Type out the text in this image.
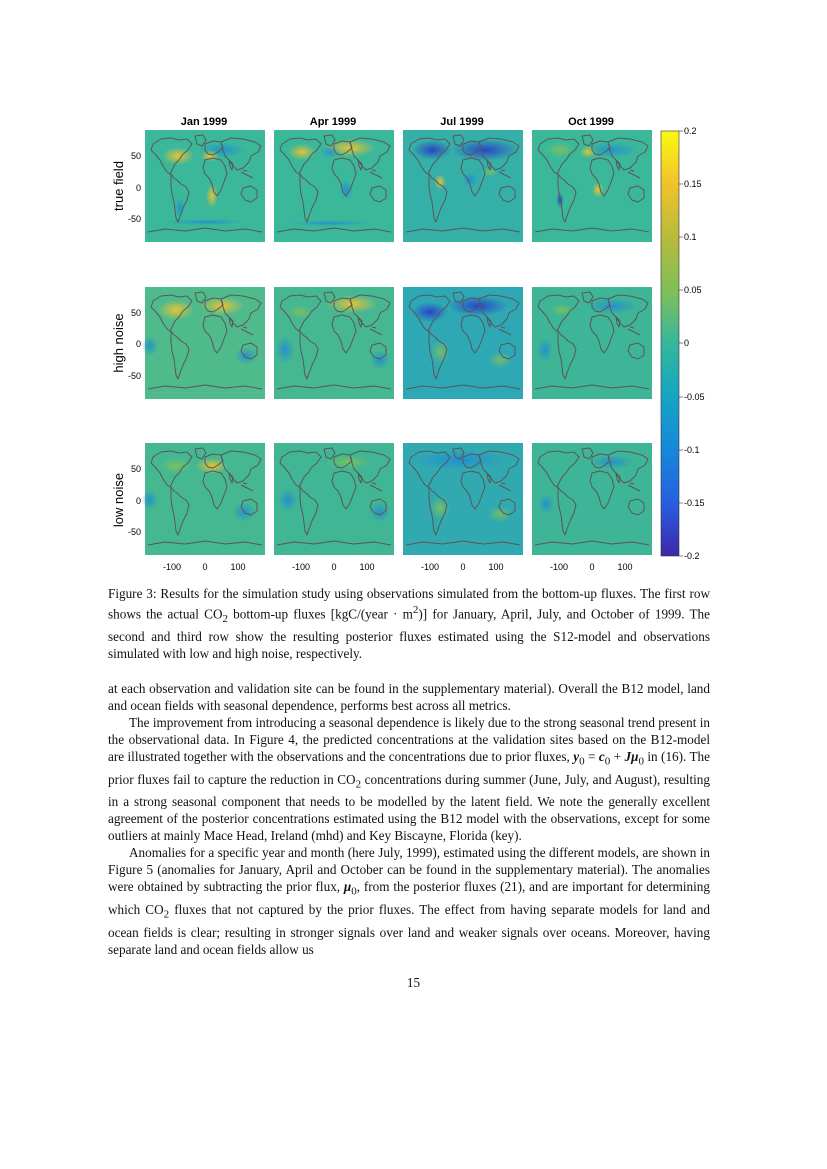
Jan 1999	Apr 1999	Jul 1999	Oct 1999
true field
high noise
low noise
50
0
-50
50
0
-50
50
0
-50
-100 0	100	-100 0	100	-100 0	100	-100 0	100
0.2
0.15
0.1
0.05
0
-0.05
-0.1
-0.15
-0.2
Figure 3: Results for the simulation study using observations simulated from the bottom-up fluxes. The first row shows the actual $CO_2$ bottom-up fluxes [kgC/(year · $m^2$)] for January, April, July, and October of 1999. The second and third row show the resulting posterior fluxes estimated using the S12-model and observations simulated with low and high noise, respectively.

at each observation and validation site can be found in the supplementary material). Overall the B12 model, land and ocean fields with seasonal dependence, performs best across all metrics.

The improvement from introducing a seasonal dependence is likely due to the strong seasonal trend present in the observational data. In Figure 4, the predicted concentrations at the validation sites based on the B12-model are illustrated together with the observations and the concentrations due to prior fluxes, $y_0 = c_0 + J\mu_0$ in (16). The prior fluxes fail to capture the reduction in $CO_2$ concentrations during summer (June, July, and August), resulting in a strong seasonal component that needs to be modelled by the latent field. We note the generally excellent agreement of the posterior concentrations estimated using the B12 model with the observations, except for some outliers at mainly Mace Head, Ireland (mhd) and Key Biscayne, Florida (key).

Anomalies for a specific year and month (here July, 1999), estimated using the different models, are shown in Figure 5 (anomalies for January, April and October can be found in the supplementary material). The anomalies were obtained by subtracting the prior flux, $\mu_0$, from the posterior fluxes (21), and are important for determining which $CO_2$ fluxes that not captured by the prior fluxes. The effect from having separate models for land and ocean fields is clear; resulting in stronger signals over land and weaker signals over oceans. Moreover, having separate land and ocean fields allow us

15
